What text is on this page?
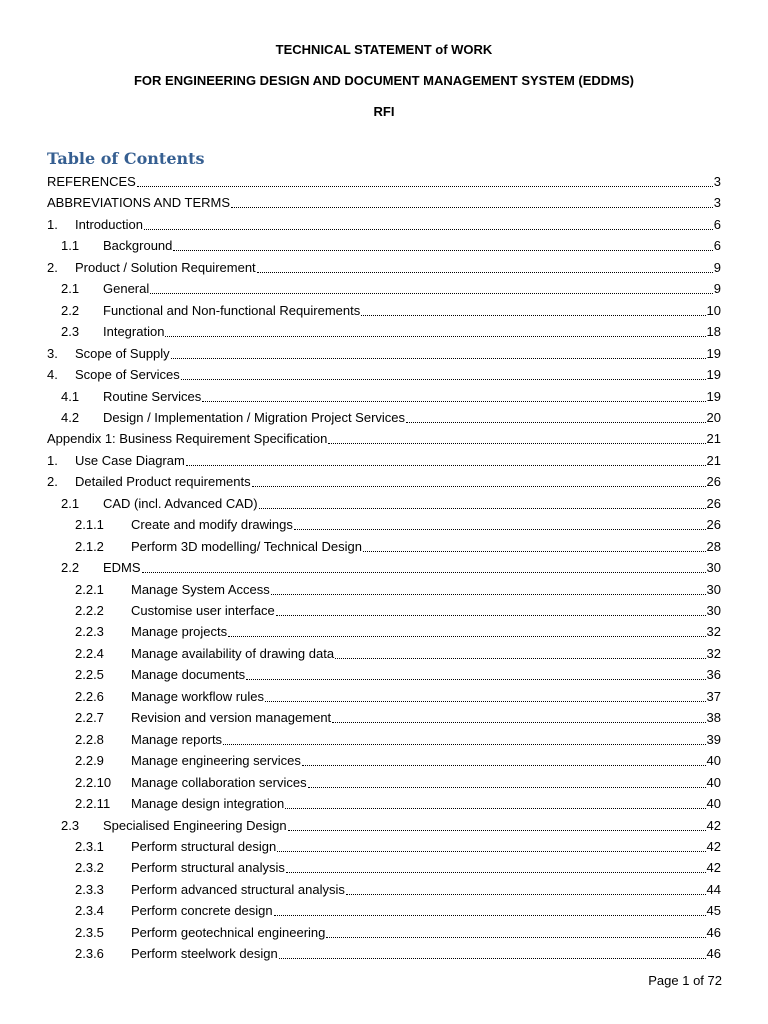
TECHNICAL STATEMENT of WORK
FOR ENGINEERING DESIGN AND DOCUMENT MANAGEMENT SYSTEM (EDDMS)
RFI
Table of Contents
REFERENCES	3
ABBREVIATIONS AND TERMS	3
1.	Introduction	6
1.1	Background	6
2.	Product / Solution Requirement	9
2.1	General	9
2.2	Functional and Non-functional Requirements	10
2.3	Integration	18
3.	Scope of Supply	19
4.	Scope of Services	19
4.1	Routine Services	19
4.2	Design / Implementation / Migration Project Services	20
Appendix 1: Business Requirement Specification	21
1.	Use Case Diagram	21
2.	Detailed Product requirements	26
2.1	CAD (incl. Advanced CAD)	26
2.1.1	Create and modify drawings	26
2.1.2	Perform 3D modelling/ Technical Design	28
2.2	EDMS	30
2.2.1	Manage System Access	30
2.2.2	Customise user interface	30
2.2.3	Manage projects	32
2.2.4	Manage availability of drawing data	32
2.2.5	Manage documents	36
2.2.6	Manage workflow rules	37
2.2.7	Revision and version management	38
2.2.8	Manage reports	39
2.2.9	Manage engineering services	40
2.2.10	Manage collaboration services	40
2.2.11	Manage design integration	40
2.3	Specialised Engineering Design	42
2.3.1	Perform structural design	42
2.3.2	Perform structural analysis	42
2.3.3	Perform advanced structural analysis	44
2.3.4	Perform concrete design	45
2.3.5	Perform geotechnical engineering	46
2.3.6	Perform steelwork design	46
Page 1 of 72
